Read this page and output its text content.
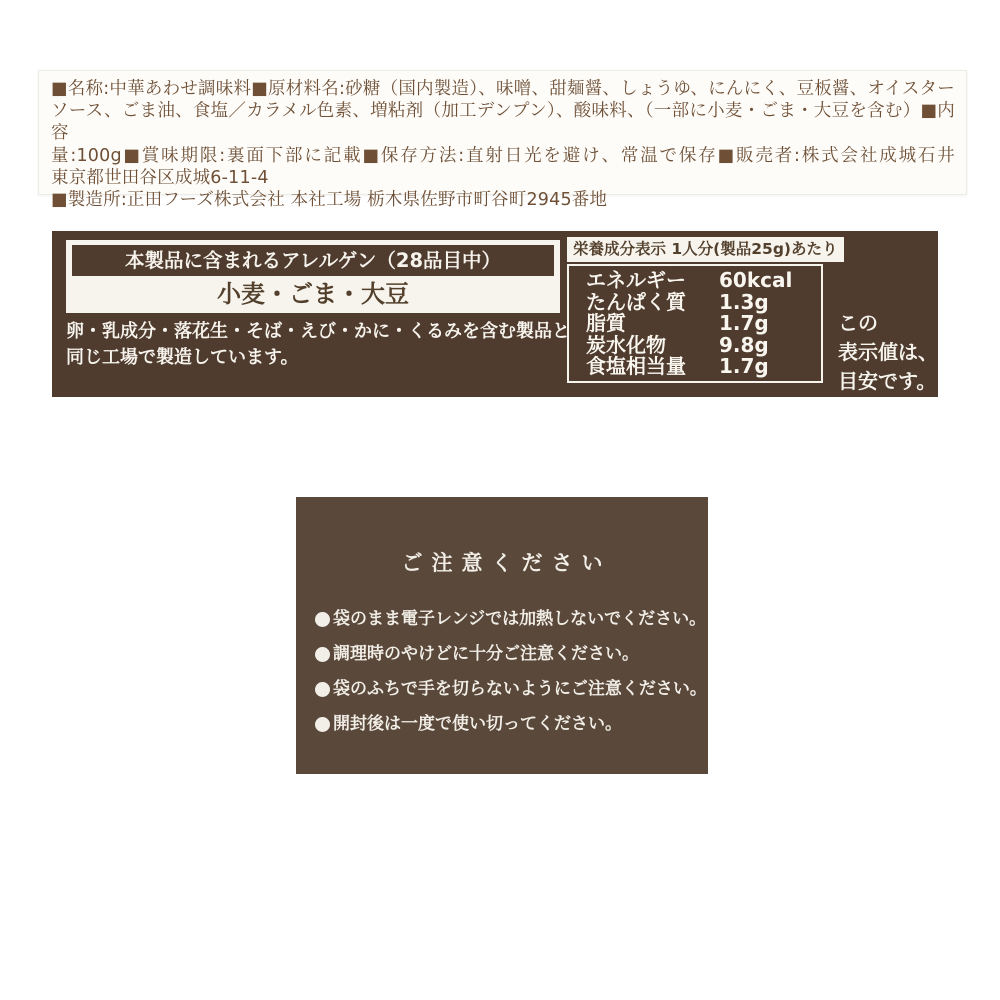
■名称:中華あわせ調味料■原材料名:砂糖（国内製造）、味噌、甜麺醤、しょうゆ、にんにく、豆板醤、オイスター
ソース、ごま油、食塩／カラメル色素、増粘剤（加工デンプン）、酸味料、（一部に小麦・ごま・大豆を含む）■内容
量:100g■賞味期限:裏面下部に記載■保存方法:直射日光を避け、常温で保存■販売者:株式会社成城石井
東京都世田谷区成城6-11-4
■製造所:正田フーズ株式会社 本社工場 栃木県佐野市町谷町2945番地
本製品に含まれるアレルゲン（28品目中）
小麦・ごま・大豆
卵・乳成分・落花生・そば・えび・かに・くるみを含む製品と
同じ工場で製造しています。
栄養成分表示 1人分(製品25g)あたり
エネルギー	60kcal
たんぱく質	1.3g
脂質	1.7g
炭水化物	9.8g
食塩相当量	1.7g
この
表示値は、
目安です。
ご注意ください
袋のまま電子レンジでは加熱しないでください。
調理時のやけどに十分ご注意ください。
袋のふちで手を切らないようにご注意ください。
開封後は一度で使い切ってください。
